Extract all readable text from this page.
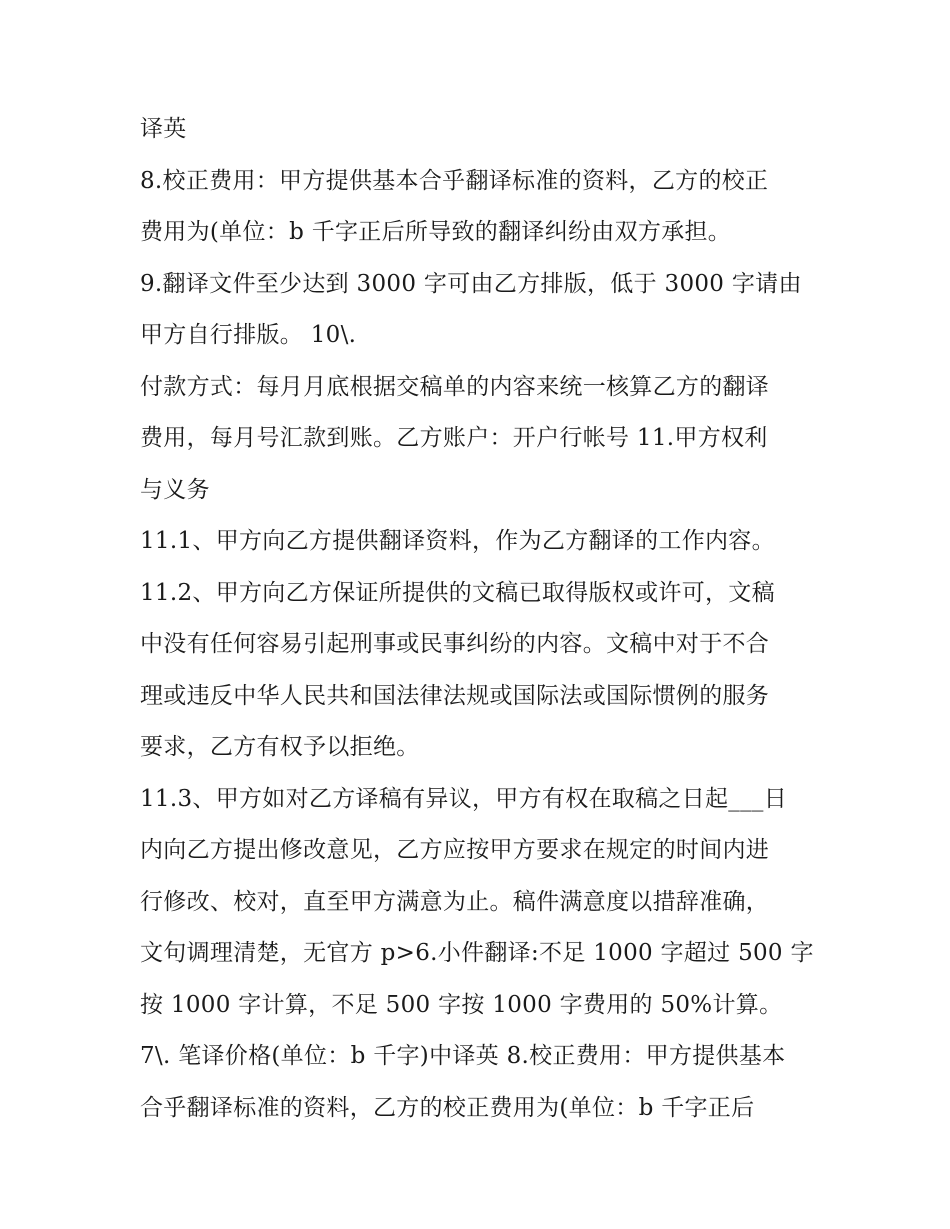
译英
8.校正费用：甲方提供基本合乎翻译标准的资料，乙方的校正
费用为(单位：b 千字正后所导致的翻译纠纷由双方承担。
9.翻译文件至少达到 3000 字可由乙方排版，低于 3000 字请由
甲方自行排版。 10\.
付款方式：每月月底根据交稿单的内容来统一核算乙方的翻译
费用，每月号汇款到账。乙方账户：开户行帐号 11.甲方权利
与义务
11.1、甲方向乙方提供翻译资料，作为乙方翻译的工作内容。
11.2、甲方向乙方保证所提供的文稿已取得版权或许可，文稿
中没有任何容易引起刑事或民事纠纷的内容。文稿中对于不合
理或违反中华人民共和国法律法规或国际法或国际惯例的服务
要求，乙方有权予以拒绝。
11.3、甲方如对乙方译稿有异议，甲方有权在取稿之日起___日
内向乙方提出修改意见，乙方应按甲方要求在规定的时间内进
行修改、校对，直至甲方满意为止。稿件满意度以措辞准确，
文句调理清楚，无官方 p>6.小件翻译:不足 1000 字超过 500 字
按 1000 字计算，不足 500 字按 1000 字费用的 50%计算。
7\. 笔译价格(单位：b 千字)中译英 8.校正费用：甲方提供基本
合乎翻译标准的资料，乙方的校正费用为(单位：b 千字正后
